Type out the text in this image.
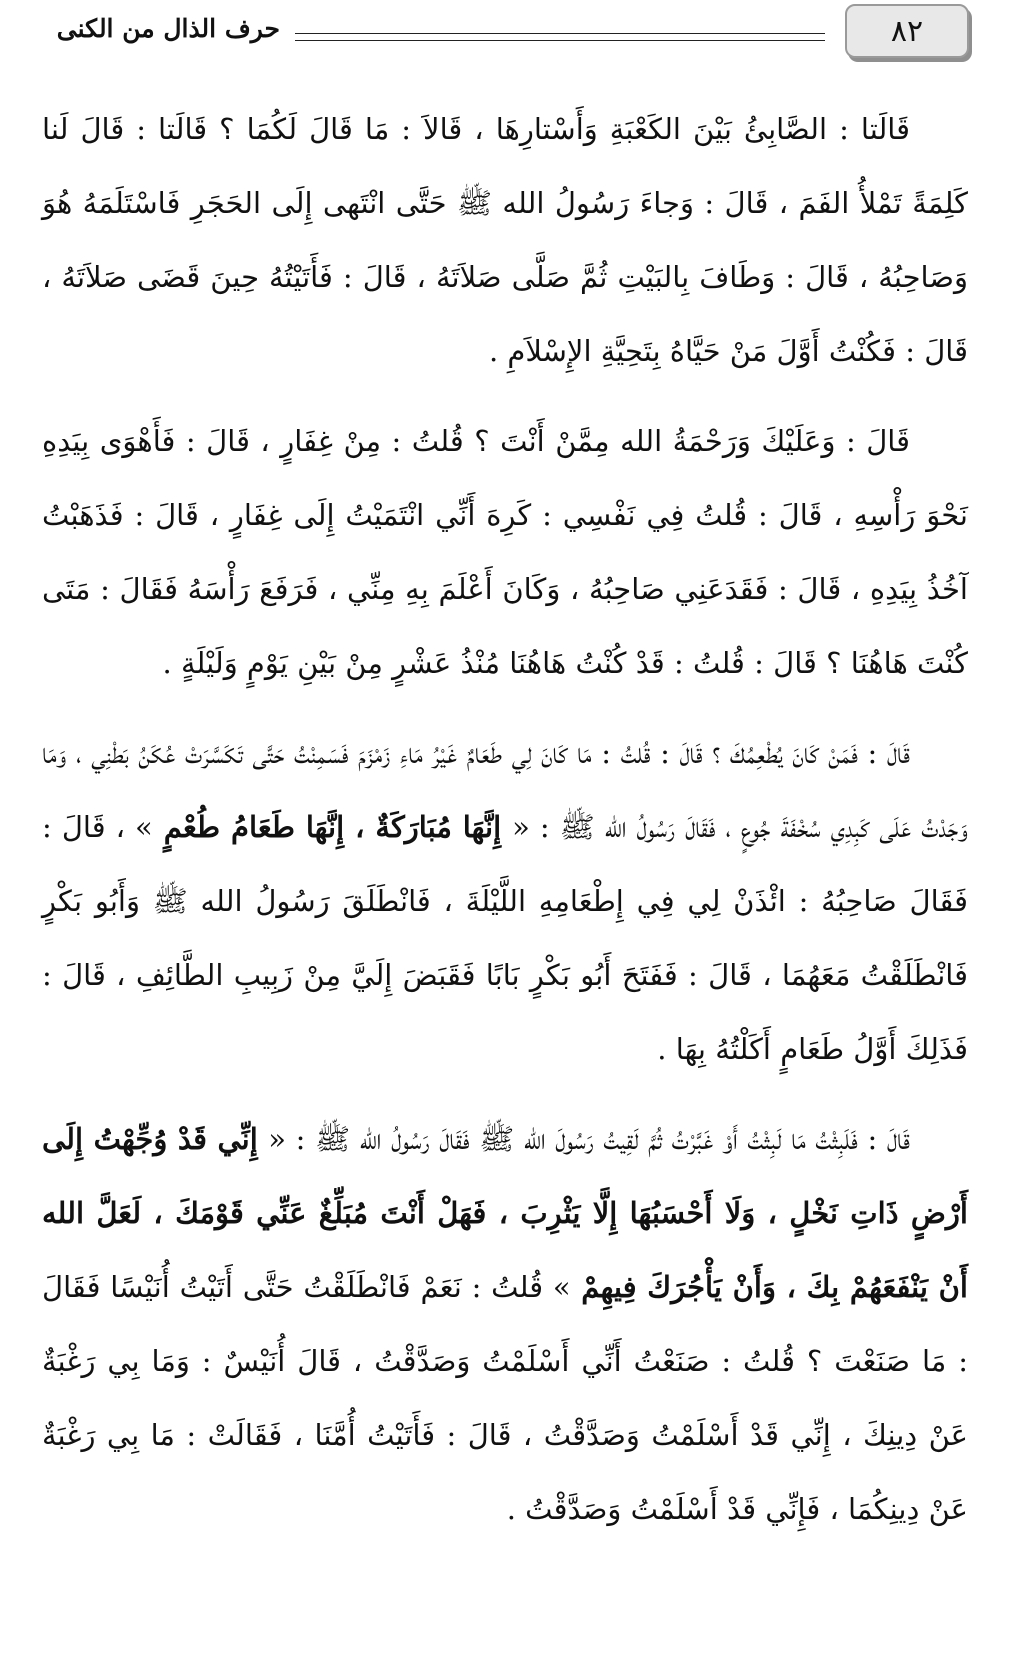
٨٢
حرف الذال من الكنى

قَالَتا : الصَّابِئُ بَيْنَ الكَعْبَةِ وَأَسْتارِهَا ، قَالاَ : مَا قَالَ لَكُمَا ؟ قَالَتا : قَالَ لَنا كَلِمَةً تَمْلأُ الفَمَ ، قَالَ : وَجاءَ رَسُولُ الله ﷺ حَتَّى انْتَهى إِلَى الحَجَرِ فَاسْتَلَمَهُ هُوَ وَصَاحِبُهُ ، قَالَ : وَطَافَ بِالبَيْتِ ثُمَّ صَلَّى صَلاَتَهُ ، قَالَ : فَأَتَيْتُهُ حِينَ قَضَى صَلاَتَهُ ، قَالَ : فَكُنْتُ أَوَّلَ مَنْ حَيَّاهُ بِتَحِيَّةِ الإِسْلاَمِ .

قَالَ : وَعَلَيْكَ وَرَحْمَةُ الله مِمَّنْ أَنْتَ ؟ قُلتُ : مِنْ غِفَارٍ ، قَالَ : فَأَهْوَى بِيَدِهِ نَحْوَ رَأْسِهِ ، قَالَ : قُلتُ فِي نَفْسِي : كَرِهَ أَنِّي انْتَمَيْتُ إِلَى غِفَارٍ ، قَالَ : فَذَهَبْتُ آخُذُ بِيَدِهِ ، قَالَ : فَقَدَعَنِي صَاحِبُهُ ، وَكَانَ أَعْلَمَ بِهِ مِنِّي ، فَرَفَعَ رَأْسَهُ فَقَالَ : مَتَى كُنْتَ هَاهُنَا ؟ قَالَ : قُلتُ : قَدْ كُنْتُ هَاهُنَا مُنْذُ عَشْرٍ مِنْ بَيْنِ يَوْمٍ وَلَيْلَةٍ .

قَالَ : فَمَنْ كَانَ يُطْعِمُكَ ؟ قَالَ : قُلتُ : مَا كَانَ لِي طَعَامٌ غَيْرُ مَاءِ زَمْزَمَ فَسَمِنْتُ حَتَّى تَكَسَّرَتْ عُكَنُ بَطْنِي ، وَمَا وَجَدْتُ عَلَى كَبِدِي سُخْفَةَ جُوعٍ ، فَقَالَ رَسُولُ الله ﷺ : « إِنَّهَا مُبَارَكَةٌ ، إِنَّهَا طَعَامُ طُعْمٍ » ، قَالَ : فَقَالَ صَاحِبُهُ : ائْذَنْ لِي فِي إِطْعَامِهِ اللَّيْلَةَ ، فَانْطَلَقَ رَسُولُ الله ﷺ وَأَبُو بَكْرٍ فَانْطَلَقْتُ مَعَهُمَا ، قَالَ : فَفَتَحَ أَبُو بَكْرٍ بَابًا فَقَبَضَ إِلَيَّ مِنْ زَبِيبِ الطَّائِفِ ، قَالَ : فَذَلِكَ أَوَّلُ طَعَامٍ أَكَلْتُهُ بِهَا .

قَالَ : فَلَبِثْتُ مَا لَبِثْتُ أَوْ غَبَّرْتُ ثُمَّ لَقِيتُ رَسُولَ الله ﷺ فَقَالَ رَسُولُ الله ﷺ : « إِنِّي قَدْ وُجِّهْتُ إِلَى أَرْضٍ ذَاتِ نَخْلٍ ، وَلَا أَحْسَبُهَا إِلَّا يَثْرِبَ ، فَهَلْ أَنْتَ مُبَلِّغٌ عَنِّي قَوْمَكَ ، لَعَلَّ الله أَنْ يَنْفَعَهُمْ بِكَ ، وَأَنْ يَأْجُرَكَ فِيهِمْ » قُلتُ : نَعَمْ فَانْطَلَقْتُ حَتَّى أَتَيْتُ أُنَيْسًا فَقَالَ : مَا صَنَعْتَ ؟ قُلتُ : صَنَعْتُ أَنِّي أَسْلَمْتُ وَصَدَّقْتُ ، قَالَ أُنَيْسٌ : وَمَا بِي رَغْبَةٌ عَنْ دِينِكَ ، إِنِّي قَدْ أَسْلَمْتُ وَصَدَّقْتُ ، قَالَ : فَأَتَيْتُ أُمَّنَا ، فَقَالَتْ : مَا بِي رَغْبَةٌ عَنْ دِينِكُمَا ، فَإِنِّي قَدْ أَسْلَمْتُ وَصَدَّقْتُ .
